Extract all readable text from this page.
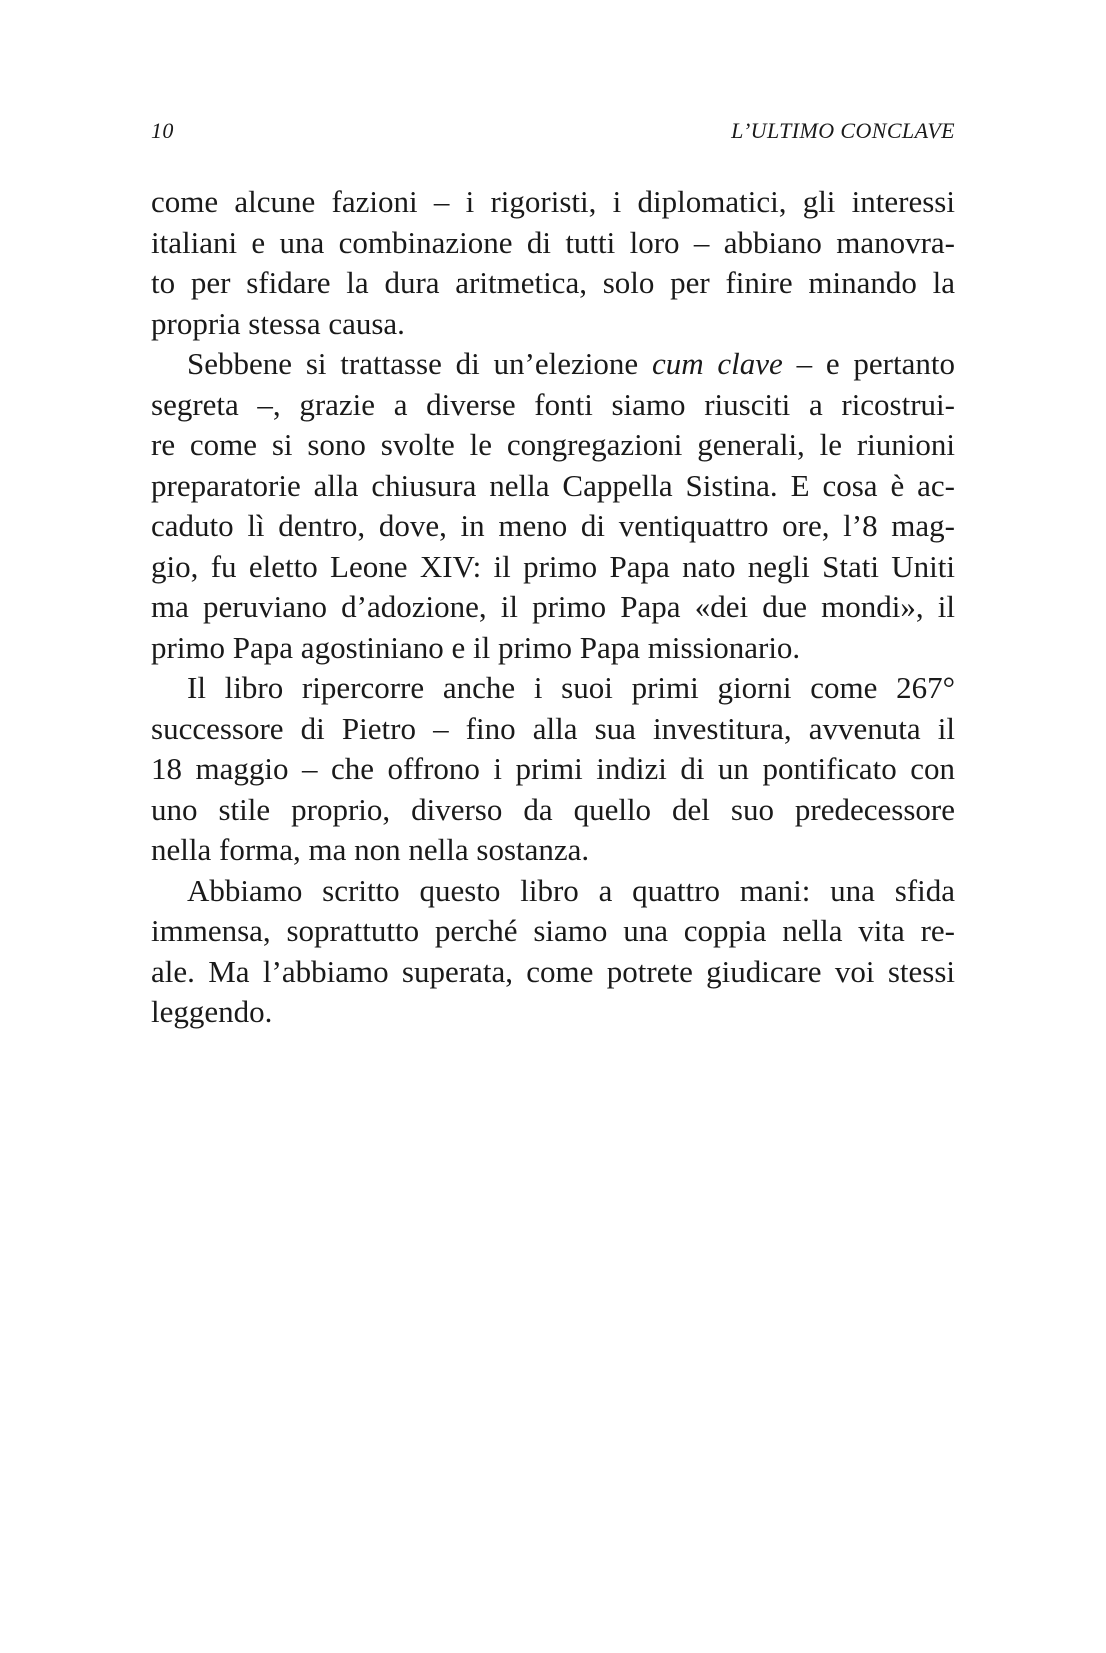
10	L’ULTIMO CONCLAVE
come alcune fazioni – i rigoristi, i diplomatici, gli interessi
italiani e una combinazione di tutti loro – abbiano manovra-
to per sfidare la dura aritmetica, solo per finire minando la
propria stessa causa.
Sebbene si trattasse di un’elezione cum clave – e pertanto
segreta –, grazie a diverse fonti siamo riusciti a ricostrui-
re come si sono svolte le congregazioni generali, le riunioni
preparatorie alla chiusura nella Cappella Sistina. E cosa è ac-
caduto lì dentro, dove, in meno di ventiquattro ore, l’8 mag-
gio, fu eletto Leone XIV: il primo Papa nato negli Stati Uniti
ma peruviano d’adozione, il primo Papa «dei due mondi», il
primo Papa agostiniano e il primo Papa missionario.
Il libro ripercorre anche i suoi primi giorni come 267°
successore di Pietro – fino alla sua investitura, avvenuta il
18 maggio – che offrono i primi indizi di un pontificato con
uno stile proprio, diverso da quello del suo predecessore
nella forma, ma non nella sostanza.
Abbiamo scritto questo libro a quattro mani: una sfida
immensa, soprattutto perché siamo una coppia nella vita re-
ale. Ma l’abbiamo superata, come potrete giudicare voi stessi
leggendo.
